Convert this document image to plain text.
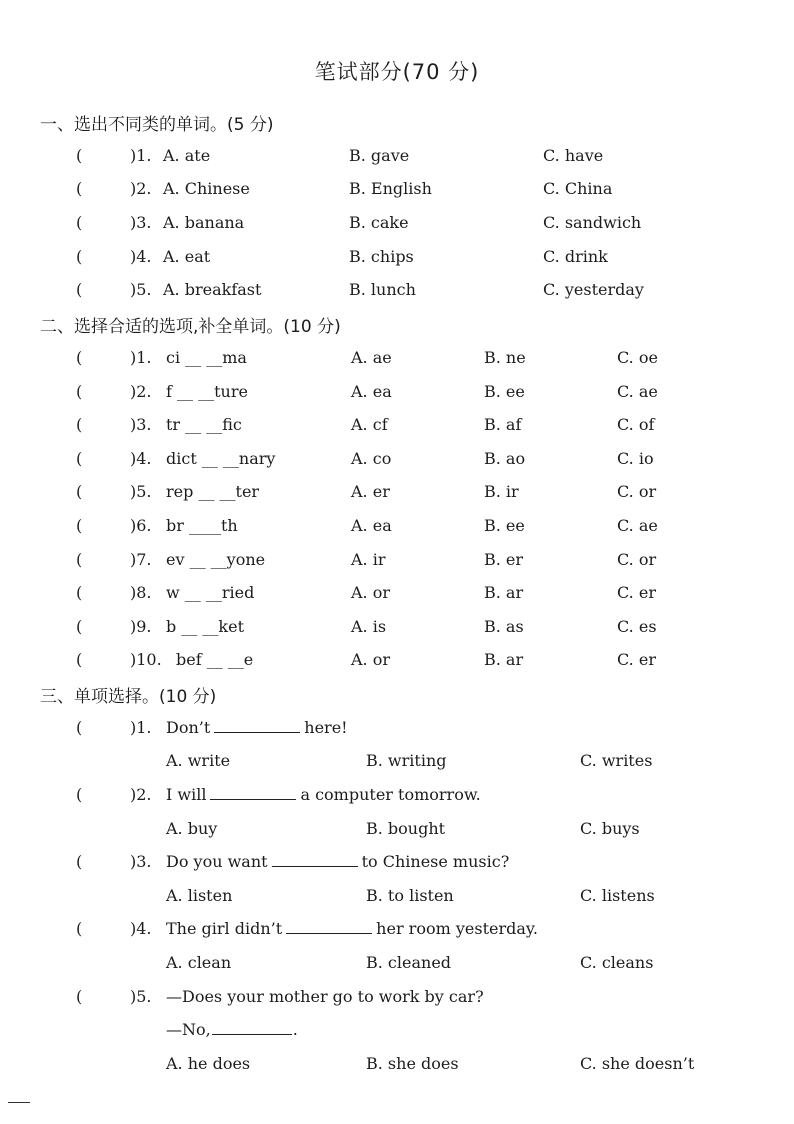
笔试部分(70 分)
一、选出不同类的单词。(5 分)
(	)1. A. ate	B. gave	C. have
(	)2. A. Chinese	B. English	C. China
(	)3. A. banana	B. cake	C. sandwich
(	)4. A. eat	B. chips	C. drink
(	)5. A. breakfast	B. lunch	C. yesterday
二、选择合适的选项,补全单词。(10 分)
(	)1. ci __ __ma	A. ae	B. ne	C. oe
(	)2. f __ __ture	A. ea	B. ee	C. ae
(	)3. tr __ __fic	A. cf	B. af	C. of
(	)4. dict __ __nary	A. co	B. ao	C. io
(	)5. rep __ __ter	A. er	B. ir	C. or
(	)6. br ____th	A. ea	B. ee	C. ae
(	)7. ev __ __yone	A. ir	B. er	C. or
(	)8. w __ __ried	A. or	B. ar	C. er
(	)9. b __ __ket	A. is	B. as	C. es
(	)10. bef __ __e	A. or	B. ar	C. er
三、单项选择。(10 分)
(	)1. Don’t	here!
A. write	B. writing	C. writes
(	)2. I will	a computer tomorrow.
A. buy	B. bought	C. buys
(	)3. Do you want	to Chinese music?
A. listen	B. to listen	C. listens
(	)4. The girl didn’t	her room yesterday.
A. clean	B. cleaned	C. cleans
(	)5. —Does your mother go to work by car?
—No,	.
A. he does	B. she does	C. she doesn’t
